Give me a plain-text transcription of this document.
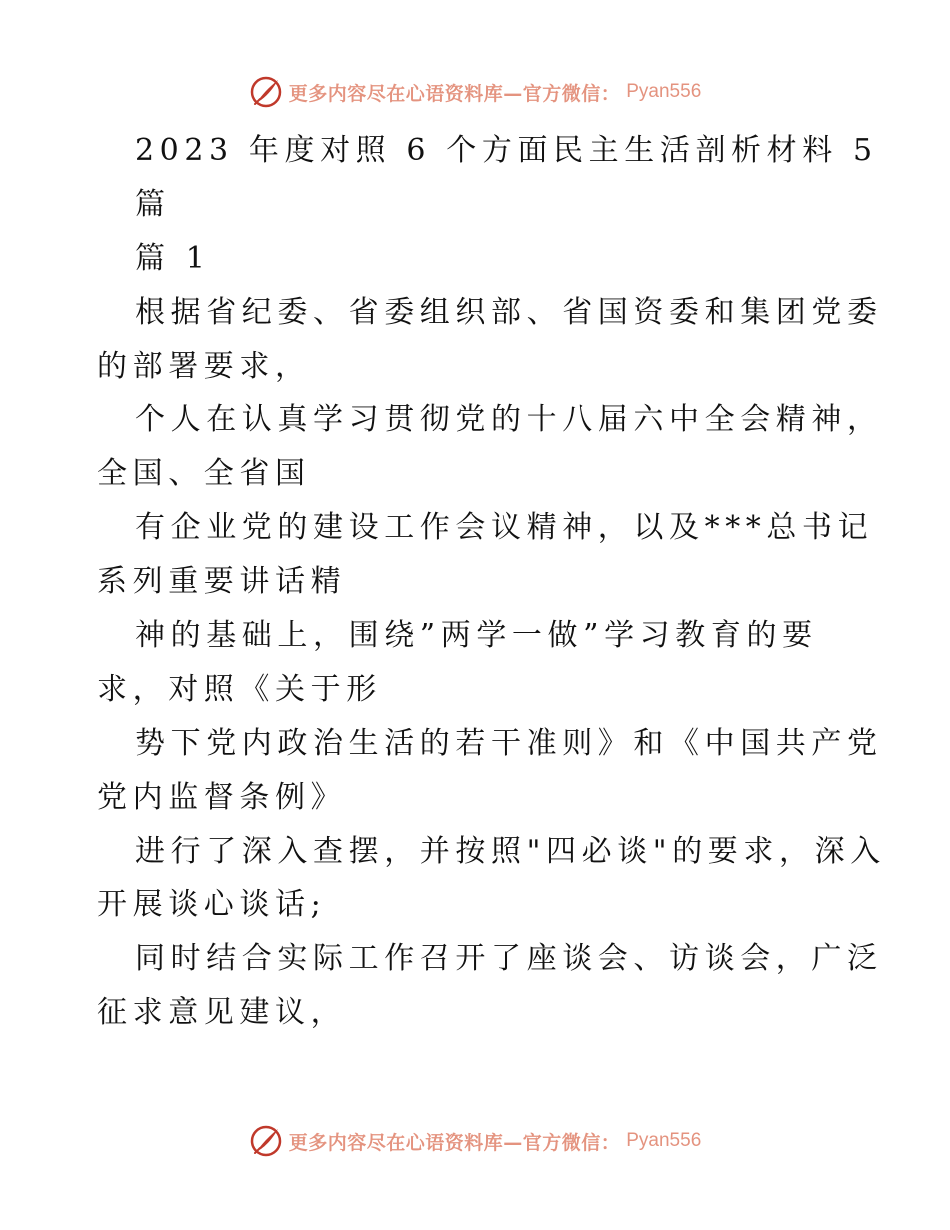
更多内容尽在心语资料库—官方微信： Pyan556
2023 年度对照 6 个方面民主生活剖析材料 5
篇
篇 1
根据省纪委、省委组织部、省国资委和集团党委
的部署要求，
个人在认真学习贯彻党的十八届六中全会精神，
全国、全省国
有企业党的建设工作会议精神，以及***总书记
系列重要讲话精
神的基础上，围绕”两学一做”学习教育的要
求，对照《关于形
势下党内政治生活的若干准则》和《中国共产党
党内监督条例》
进行了深入查摆，并按照"四必谈"的要求，深入
开展谈心谈话;
同时结合实际工作召开了座谈会、访谈会，广泛
征求意见建议，
更多内容尽在心语资料库—官方微信： Pyan556
